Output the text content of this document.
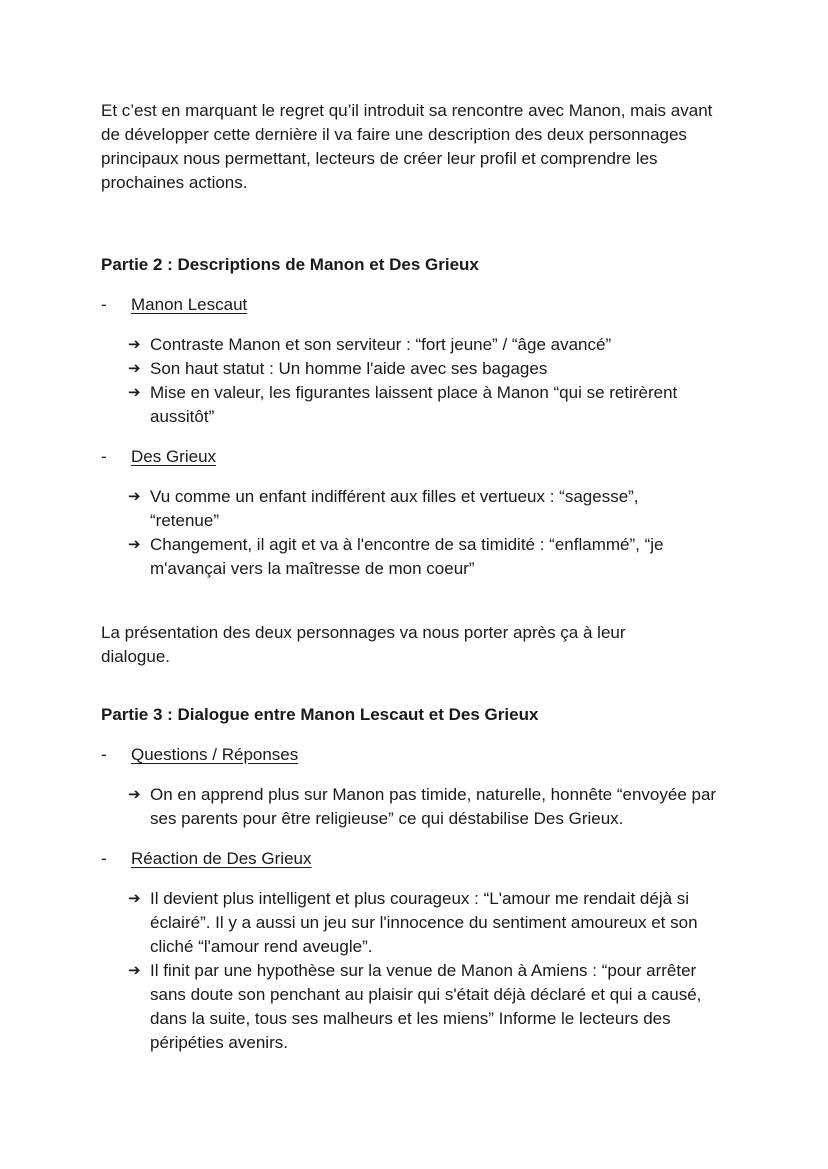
Et c’est en marquant le regret qu’il introduit sa rencontre avec Manon, mais avant de développer cette dernière il va faire une description des deux personnages principaux nous permettant, lecteurs de créer leur profil et comprendre les prochaines actions.

Partie 2 : Descriptions de Manon et Des Grieux

- Manon Lescaut
➔ Contraste Manon et son serviteur : “fort jeune” / “âge avancé”
➔ Son haut statut : Un homme l'aide avec ses bagages
➔ Mise en valeur, les figurantes laissent place à Manon “qui se retirèrent aussitôt”
- Des Grieux
➔ Vu comme un enfant indifférent aux filles et vertueux : “sagesse”, “retenue”
➔ Changement, il agit et va à l'encontre de sa timidité : “enflammé”, “je m'avançai vers la maîtresse de mon coeur”

La présentation des deux personnages va nous porter après ça à leur dialogue.

Partie 3 : Dialogue entre Manon Lescaut et Des Grieux

- Questions / Réponses
➔ On en apprend plus sur Manon pas timide, naturelle, honnête “envoyée par ses parents pour être religieuse” ce qui déstabilise Des Grieux.
- Réaction de Des Grieux
➔ Il devient plus intelligent et plus courageux : “L'amour me rendait déjà si éclairé”. Il y a aussi un jeu sur l'innocence du sentiment amoureux et son cliché “l'amour rend aveugle”.
➔ Il finit par une hypothèse sur la venue de Manon à Amiens : “pour arrêter sans doute son penchant au plaisir qui s'était déjà déclaré et qui a causé, dans la suite, tous ses malheurs et les miens” Informe le lecteurs des péripéties avenirs.
